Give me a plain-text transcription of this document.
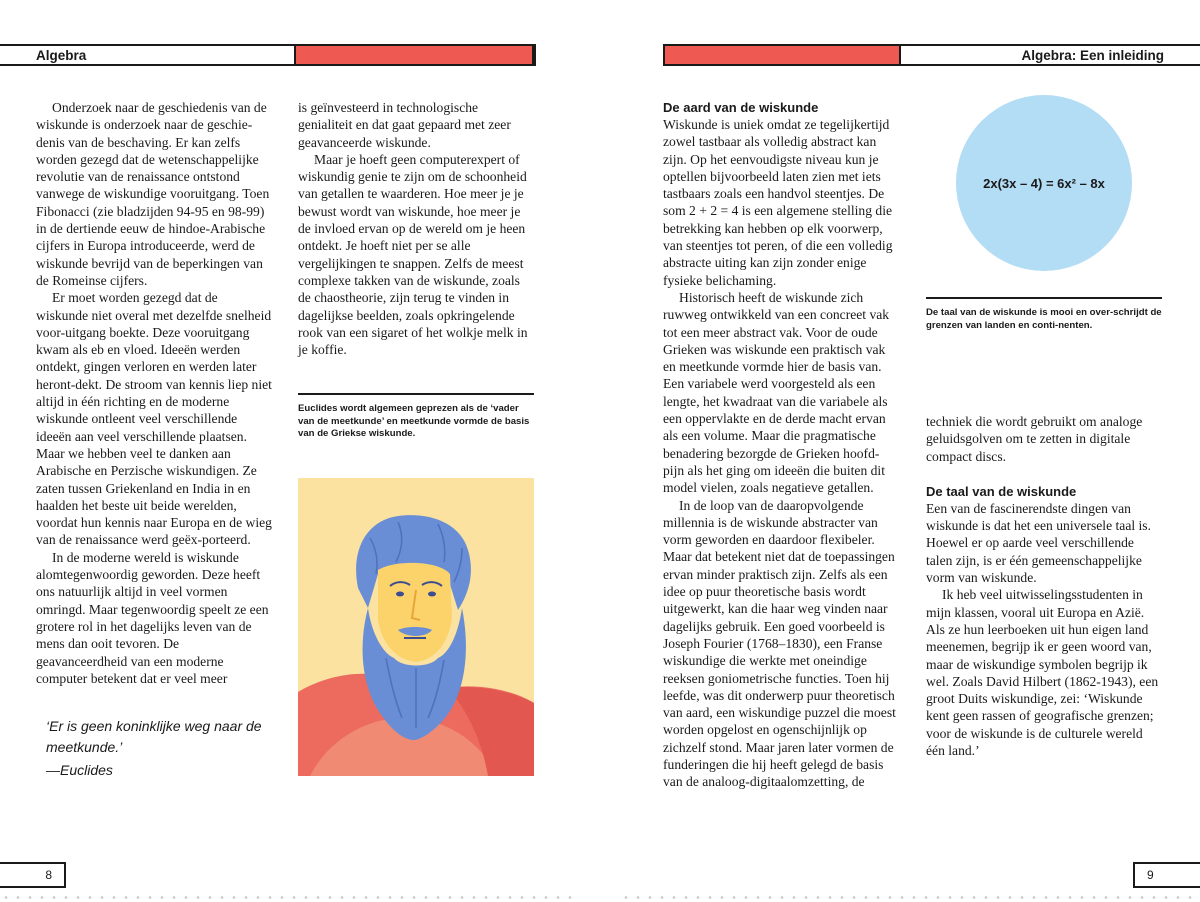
Algebra

Onderzoek naar de geschiedenis van de wiskunde is onderzoek naar de geschie-denis van de beschaving. Er kan zelfs worden gezegd dat de wetenschappelijke revolutie van de renaissance ontstond vanwege de wiskundige vooruitgang. Toen Fibonacci (zie bladzijden 94-95 en 98-99) in de dertiende eeuw de hindoe-Arabische cijfers in Europa introduceerde, werd de wiskunde bevrijd van de beperkingen van de Romeinse cijfers.

Er moet worden gezegd dat de wiskunde niet overal met dezelfde snelheid voor-uitgang boekte. Deze vooruitgang kwam als eb en vloed. Ideeën werden ontdekt, gingen verloren en werden later heront-dekt. De stroom van kennis liep niet altijd in één richting en de moderne wiskunde ontleent veel verschillende ideeën aan veel verschillende plaatsen. Maar we hebben veel te danken aan Arabische en Perzische wiskundigen. Ze zaten tussen Griekenland en India in en haalden het beste uit beide werelden, voordat hun kennis naar Europa en de wieg van de renaissance werd geëx-porteerd.

In de moderne wereld is wiskunde alomtegenwoordig geworden. Deze heeft ons natuurlijk altijd in veel vormen omringd. Maar tegenwoordig speelt ze een grotere rol in het dagelijks leven van de mens dan ooit tevoren. De geavanceerdheid van een moderne computer betekent dat er veel meer

‘Er is geen koninklijke weg naar de meetkunde.’
—Euclides

is geïnvesteerd in technologische genialiteit en dat gaat gepaard met zeer geavanceerde wiskunde.

Maar je hoeft geen computerexpert of wiskundig genie te zijn om de schoonheid van getallen te waarderen. Hoe meer je je bewust wordt van wiskunde, hoe meer je de invloed ervan op de wereld om je heen ontdekt. Je hoeft niet per se alle vergelijkingen te snappen. Zelfs de meest complexe takken van de wiskunde, zoals de chaostheorie, zijn terug te vinden in dagelijkse beelden, zoals opkringelende rook van een sigaret of het wolkje melk in je koffie.

Euclides wordt algemeen geprezen als de ‘vader van de meetkunde’ en meetkunde vormde de basis van de Griekse wiskunde.
8
Algebra: Een inleiding
De aard van de wiskunde

Wiskunde is uniek omdat ze tegelijkertijd zowel tastbaar als volledig abstract kan zijn. Op het eenvoudigste niveau kun je optellen bijvoorbeeld laten zien met iets tastbaars zoals een handvol steentjes. De som 2 + 2 = 4 is een algemene stelling die betrekking kan hebben op elk voorwerp, van steentjes tot peren, of die een volledig abstracte uiting kan zijn zonder enige fysieke belichaming.

Historisch heeft de wiskunde zich ruwweg ontwikkeld van een concreet vak tot een meer abstract vak. Voor de oude Grieken was wiskunde een praktisch vak en meetkunde vormde hier de basis van. Een variabele werd voorgesteld als een lengte, het kwadraat van die variabele als een oppervlakte en de derde macht ervan als een volume. Maar die pragmatische benadering bezorgde de Grieken hoofd-pijn als het ging om ideeën die buiten dit model vielen, zoals negatieve getallen.

In de loop van de daaropvolgende millennia is de wiskunde abstracter van vorm geworden en daardoor flexibeler. Maar dat betekent niet dat de toepassingen ervan minder praktisch zijn. Zelfs als een idee op puur theoretische basis wordt uitgewerkt, kan die haar weg vinden naar dagelijks gebruik. Een goed voorbeeld is Joseph Fourier (1768–1830), een Franse wiskundige die werkte met oneindige reeksen goniometrische functies. Toen hij leefde, was dit onderwerp puur theoretisch van aard, een wiskundige puzzel die moest worden opgelost en ogenschijnlijk op zichzelf stond. Maar jaren later vormen de funderingen die hij heeft gelegd de basis van de analoog-digitaalomzetting, de

2x(3x – 4) = 6x² – 8x
De taal van de wiskunde is mooi en over-schrijdt de grenzen van landen en conti-nenten.

techniek die wordt gebruikt om analoge geluidsgolven om te zetten in digitale compact discs.

De taal van de wiskunde

Een van de fascinerendste dingen van wiskunde is dat het een universele taal is. Hoewel er op aarde veel verschillende talen zijn, is er één gemeenschappelijke vorm van wiskunde.

Ik heb veel uitwisselingsstudenten in mijn klassen, vooral uit Europa en Azië. Als ze hun leerboeken uit hun eigen land meenemen, begrijp ik er geen woord van, maar de wiskundige symbolen begrijp ik wel. Zoals David Hilbert (1862-1943), een groot Duits wiskundige, zei: ‘Wiskunde kent geen rassen of geografische grenzen; voor de wiskunde is de culturele wereld één land.’

9
